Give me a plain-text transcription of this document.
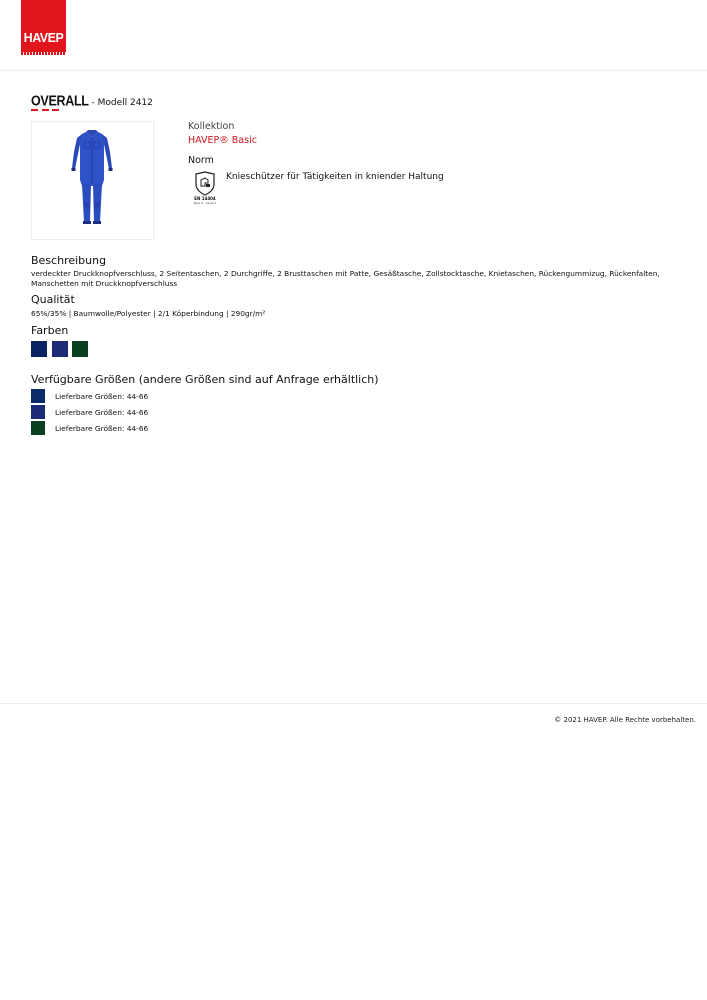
HAVEP
OVERALL - Modell 2412
Kollektion
HAVEP® Basic
Norm
EN 14404
Type 2 · Level 1
Knieschützer für Tätigkeiten in kniender Haltung
Beschreibung
verdeckter Druckknopfverschluss, 2 Seitentaschen, 2 Durchgriffe, 2 Brusttaschen mit Patte, Gesäßtasche, Zollstocktasche, Knietaschen, Rückengummizug, Rückenfalten, Manschetten mit Druckknopfverschluss
Qualität
65%/35% | Baumwolle/Polyester | 2/1 Köperbindung | 290gr/m²
Farben
Verfügbare Größen (andere Größen sind auf Anfrage erhältlich)
Lieferbare Größen: 44-66
Lieferbare Größen: 44-66
Lieferbare Größen: 44-66
© 2021 HAVEP. Alle Rechte vorbehalten.
